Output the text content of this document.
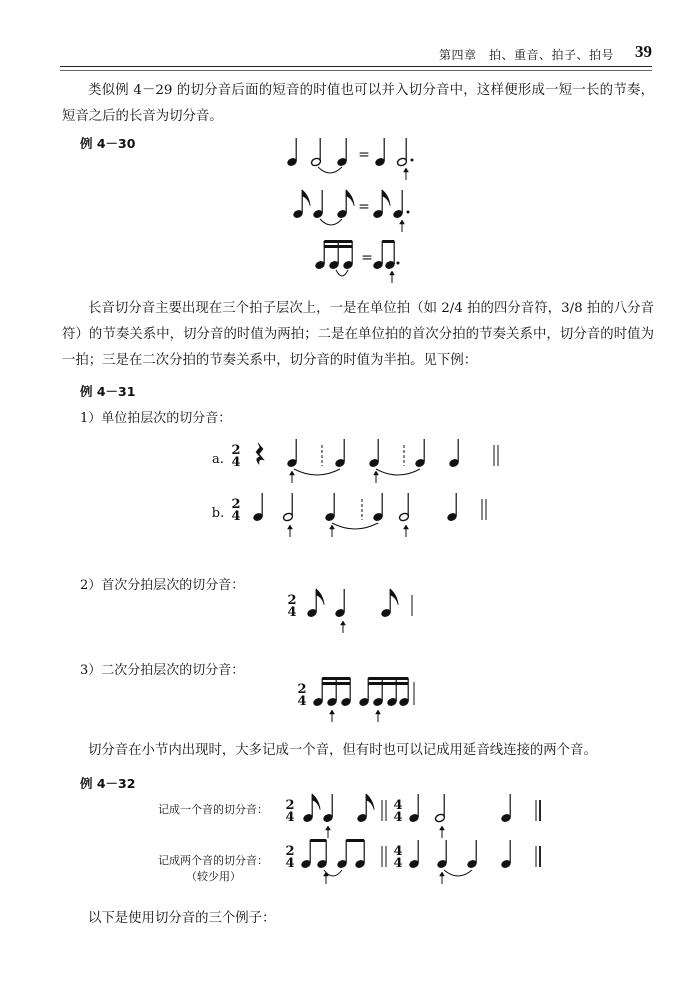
第四章　拍、重音、拍子、拍号 39
类似例 4－29 的切分音后面的短音的时值也可以并入切分音中，这样便形成一短一长的节奏，短音之后的长音为切分音。
例 4－30
长音切分音主要出现在三个拍子层次上，一是在单位拍（如 2/4 拍的四分音符，3/8 拍的八分音符）的节奏关系中，切分音的时值为两拍；二是在单位拍的首次分拍的节奏关系中，切分音的时值为一拍；三是在二次分拍的节奏关系中，切分音的时值为半拍。见下例：
例 4－31
1）单位拍层次的切分音：
2）首次分拍层次的切分音：
3）二次分拍层次的切分音：
切分音在小节内出现时，大多记成一个音，但有时也可以记成用延音线连接的两个音。
例 4－32
记成一个音的切分音：
记成两个音的切分音：
（较少用）
以下是使用切分音的三个例子：
=
=
=
a.
2
4
b.
2
4
2
4
2
4
2
4
4
4
2
4
4
4
